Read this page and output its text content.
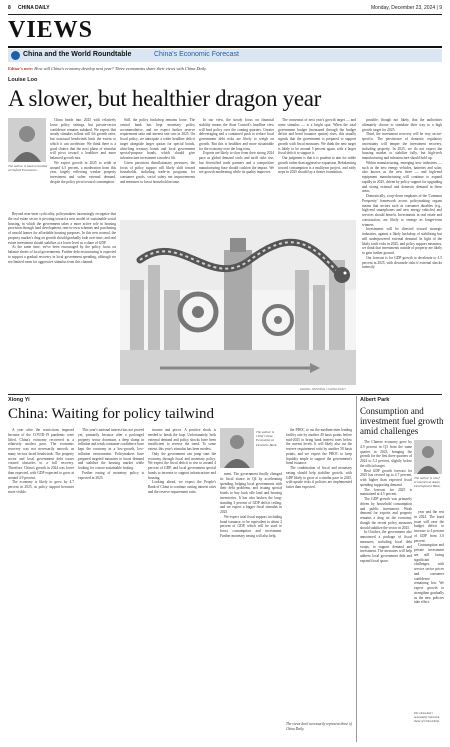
8 CHINA DAILY	Monday, December 23, 2024 | 9
VIEWS
China and the World Roundtable	China's Economic Forecast
Editor's note: How will China's economy develop next year? Three economists share their views with China Daily.
Louise Loo
A slower, but healthier dragon year
The author is lead economist at Oxford Economics.

China heads into 2025 with relatively loose policy settings, but private-sector confidence remains subdued. We expect that steady stimulus rollout will lift growth rates, but structural headwinds limit the extent to which it can accelerate. We think there is a good chance that the next phase of stimulus will pivot toward a healthier and more balanced growth mix.

We expect growth in 2025 to settle at around 4.5 percent, a moderation from this year, largely reflecting weaker property investment and softer external demand, despite the policy pivot toward consumption.

Beyond near-term cyclicality, policymakers increasingly recognize that the real estate sector is pivoting toward a new model of sustainable social housing, in which the government takes a more active role in housing provision through land development, rent-to-own schemes and purchasing of unsold homes for affordable housing purposes. In this new normal, the property market's drag on growth should gradually fade over time, and real estate investment should stabilize at a lower level as a share of GDP.

At the same time, we've been encouraged by the policy focus on balance sheets of local governments. Further debt restructuring is expected to support a gradual recovery in local government spending, although we see limited room for aggressive stimulus from this channel.

Still, the policy backdrop remains loose. The central bank has kept monetary policy accommodative, and we expect further reserve requirement ratio and interest rate cuts in 2025. On fiscal policy, we anticipate a wider headline deficit target alongside larger quotas for special bonds, ultra-long treasury bonds and local government special-purpose bonds, which should give infrastructure investment a modest lift.

Given persistent disinflationary pressures, the focus of policy support will likely shift toward households, including trade-in programs for consumer goods, social safety net improvements and measures to boost household income.

In our view, the steady focus on financial stability means the State Council's headline view will lead policy over the coming quarters. Greater deleveraging and a continued push to reduce local government debt risks are likely to weigh on growth. But this is healthier and more sustainable for the economy over the long term.

Exports are likely to slow from their strong 2024 pace as global demand cools and tariff risks rise, but diversified trade partners and a competitive manufacturing base should cushion the impact. We see growth moderating while its quality improves.

The consensus of next year's growth target — and some stimulus — is a bright spot. When the total government budget (measured through the budget deficit and bond issuance quotas) rises, this usually signals that the government is prepared to support growth with fiscal measures. We think the new target is likely to be around 5 percent again, with a larger fiscal deficit to support it.

Our judgment is that it is prudent to aim for stable growth rather than aggressive expansion. Rebalancing toward consumption is a multiyear project, and early steps in 2025 should lay a firmer foundation.

possible, though not likely, that the authorities ultimately choose to stimulate their way to a high growth target for 2025.

Third, the investment recovery will be very sector-specific. The persistence of domestic regulatory uncertainty will temper the investment recovery, including property. In 2025, we do not expect the housing market to stabilize fully, but high-tech manufacturing and infrastructure should hold up.

Within manufacturing, emerging new industries — such as the new energy vehicles, batteries and solar, also known as the new three — and high-end equipment manufacturing will continue to expand rapidly in 2025, driven by policy support for upgrading and strong external and domestic demand in these areas.

Domestically, a top-down emphasis of the 'Common Prosperity' framework across policymaking organs means that sectors such as consumer durables (e.g., high-end smartphones and new energy vehicles) and services should benefit. Investments in real estate and construction, are likely to emerge as longer-term winners.

Investments will be directed toward strategic industries, against a likely backdrop of stabilizing but still underpowered external demand. In light of the likely tariff risks in 2025, and policy support measures, we think that investments outside of property are likely to gain further ground.

Our forecast is for GDP growth to decelerate to 4.5 percent in 2025, with downside risks if external shocks intensify.

ZHANG JIANXING / CHINA DAILY
Xiong Yi
China: Waiting for policy tailwind

A year after the restrictions imposed because of the COVID-19 pandemic were lifted, China's economy recovered at a relatively modest pace. The economic recovery was not necessarily smooth, as many sectors faced headwinds. The property sector and local government debt issues created obstacles to a full recovery. Therefore, China's growth in 2024 was lower than expected, with GDP expected to grow at around 4.9 percent.

The economy is likely to grow by 4.7 percent in 2025, as policy support becomes more visible.

This year's national interest has not proved yet, primarily because after a prolonged property sector downturn, a deep slump in inflation and weak consumer confidence have kept the economy in a low-growth, low-inflation environment. Policymakers have prepared targeted measures to boost demand and stabilize the housing market while looking for a more sustainable footing.

Further easing of monetary policy is expected in 2025.

income and prices. A positive shock is needed to break the loop. Unfortunately, both external demand and policy shocks have been insufficient to reverse the trend. To some extent, this year's stimulus has been modest.

Only the government can jump start the economy through fiscal and monetary policy. We expect the fiscal deficit to rise to around 4 percent of GDP, and local government special bonds to increase to support infrastructure and housing.

Looking ahead, we expect the People's Bank of China to continue cutting interest rates and the reserve requirement ratio.

The author is Chief China Economist at Deutsche Bank.

ment. The government finally changed its fiscal stance in Q4 by accelerating spending, helping local governments with their debt problems, and issuing special bonds to buy back idle land and housing inventories. It has also broken the long-standing 3 percent of GDP deficit ceiling, and we expect a bigger fiscal stimulus in 2025.

We expect total fiscal support, including bond issuance, to be equivalent to about 2 percent of GDP, which will be used to boost consumption and investment. Further monetary easing will also help.

the PBOC to cut the medium-term lending facility rate by another 40 basis points before mid-2025 to bring bank interest rates below the current levels. It will likely also cut the reserve requirement ratio by another 50 basis points, and we expect the PBOC to keep liquidity ample to support the government's bond issuance.

The combination of fiscal and monetary easing should help stabilize growth, with GDP likely to grow at a similar pace in 2025, with upside risks if policies are implemented faster than expected.

The views don't necessarily represent those of China Daily.
Albert Park
Consumption and investment fuel growth amid challenges

The Chinese economy grew by 4.9 percent in Q3 from the same quarter in 2023, bringing the growth for the first three quarters of 2024 to 5.2 percent, slightly below the official target.

Real GDP growth forecast for 2025 has revised up to 4.7 percent, with higher than expected fiscal spending supporting demand.

The forecast for 2025 is maintained at 4.5 percent.

The GDP growth was primarily driven by household consumption and public investment. Weak demand for exports and property remains a drag on the economy, though the recent policy measures should stabilize the sector in 2025.

In October, the government also announced a package of fiscal measures, including local debt swaps, to support demand and investment. The measures will help address local government debt and expand fiscal space.

The author is chief economist at Asian Development Bank.

year and the rest in 2024. The bond issue will ease the budget deficit to increase to 4 percent of GDP from 3.0 percent.

Consumption and private investment are still facing significant challenges, with service sector prices and consumer confidence remaining low. We expect growth to strengthen gradually as the new policies take effect.

The views don't necessarily represent those of China Daily.
